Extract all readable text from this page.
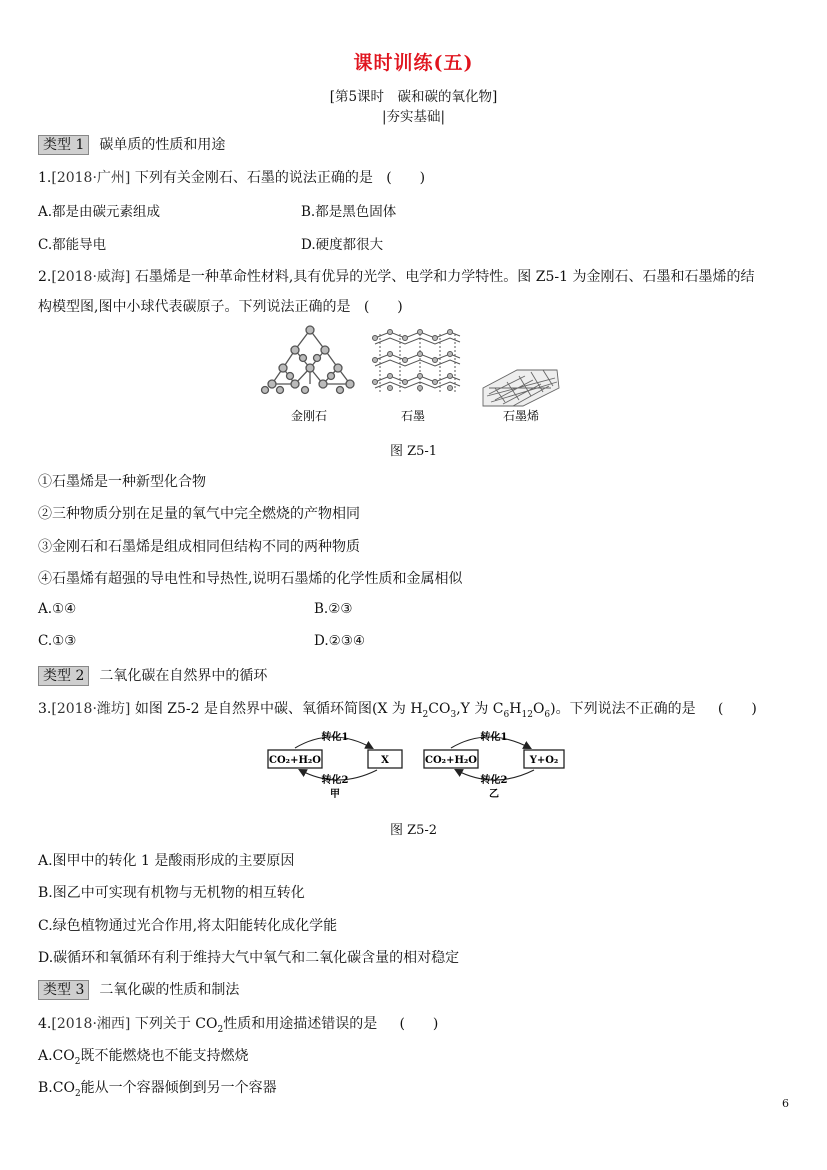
课时训练(五)
[第5课时　碳和碳的氧化物]
|夯实基础|
类型 1 碳单质的性质和用途
1.[2018·广州] 下列有关金刚石、石墨的说法正确的是 (　　)
A.都是由碳元素组成	B.都是黑色固体
C.都能导电	D.硬度都很大
2.[2018·威海] 石墨烯是一种革命性材料,具有优异的光学、电学和力学特性。图 Z5-1 为金刚石、石墨和石墨烯的结
构模型图,图中小球代表碳原子。下列说法正确的是 (　　)
金刚石	石墨	石墨烯
图 Z5-1
①石墨烯是一种新型化合物
②三种物质分别在足量的氧气中完全燃烧的产物相同
③金刚石和石墨烯是组成相同但结构不同的两种物质
④石墨烯有超强的导电性和导热性,说明石墨烯的化学性质和金属相似
A.①④	B.②③
C.①③	D.②③④
类型 2 二氧化碳在自然界中的循环
3.[2018·潍坊] 如图 Z5-2 是自然界中碳、氧循环简图(X 为 $H_2CO_3,Y$ 为 $C_6H_{12}O_6$)。下列说法不正确的是 (　　)
CO₂+H₂O	X
转化1
转化2
甲
CO₂+H₂O	Y+O₂
转化1
转化2
乙
图 Z5-2
A.图甲中的转化 1 是酸雨形成的主要原因
B.图乙中可实现有机物与无机物的相互转化
C.绿色植物通过光合作用,将太阳能转化成化学能
D.碳循环和氧循环有利于维持大气中氧气和二氧化碳含量的相对稳定
类型 3 二氧化碳的性质和制法
4.[2018·湘西] 下列关于 $CO_2$性质和用途描述错误的是 (　　)
$A.CO_2$既不能燃烧也不能支持燃烧
$B.CO_2$能从一个容器倾倒到另一个容器
6
